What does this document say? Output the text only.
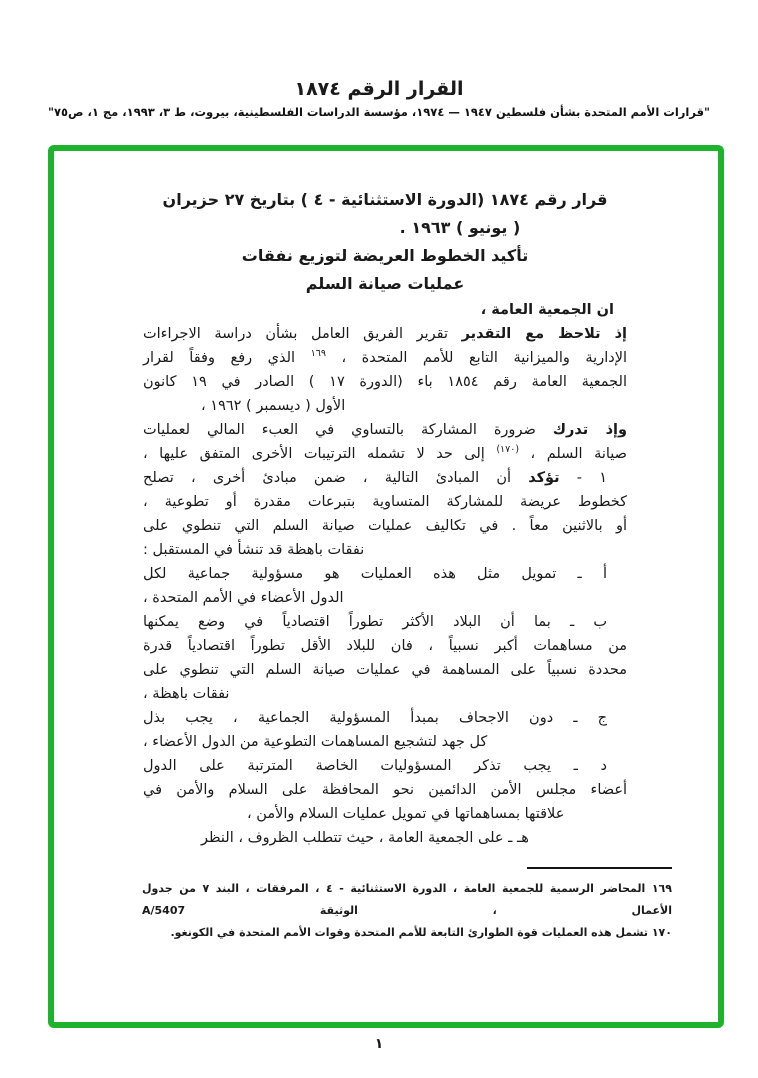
القرار الرقم ١٨٧٤
"قرارات الأمم المتحدة بشأن فلسطين ١٩٤٧ — ١٩٧٤، مؤسسة الدراسات الفلسطينية، بيروت، ط ٣، ١٩٩٣، مج ١، ص٧٥"
قرار رقم ١٨٧٤ (الدورة الاستثنائية - ٤ ) بتاريخ ٢٧ حزيران
( يونيو ) ١٩٦٣ .
تأكيد الخطوط العريضة لتوزيع نفقات
عمليات صيانة السلم
ان الجمعية العامة ،
إذ تلاحظ مع التقدير تقرير الفريق العامل بشأن دراسة الاجراءات
الإدارية والميزانية التابع للأمم المتحدة ، $^{١٦٩}$ الذي رفع وفقاً لقرار
الجمعية العامة رقم ١٨٥٤ باء (الدورة ١٧ ) الصادر في ١٩ كانون
الأول ( ديسمبر ) ١٩٦٢ ،
وإذ تدرك ضرورة المشاركة بالتساوي في العبء المالي لعمليات
صيانة السلم ، $^{(١٧٠)}$ إلى حد لا تشمله الترتيبات الأخرى المتفق عليها ،
١ - تؤكد أن المبادئ التالية ، ضمن مبادئ أخرى ، تصلح
كخطوط عريضة للمشاركة المتساوية بتبرعات مقدرة أو تطوعية ،
أو بالاثنين معاً . في تكاليف عمليات صيانة السلم التي تنطوي على
نفقات باهظة قد تنشأ في المستقبل :
أ ـ تمويل مثل هذه العمليات هو مسؤولية جماعية لكل
الدول الأعضاء في الأمم المتحدة ،
ب ـ بما أن البلاد الأكثر تطوراً اقتصادياً في وضع يمكنها
من مساهمات أكبر نسبياً ، فان للبلاد الأقل تطوراً اقتصادياً قدرة
محددة نسبياً على المساهمة في عمليات صيانة السلم التي تنطوي على
نفقات باهظة ،
ج ـ دون الاجحاف بمبدأ المسؤولية الجماعية ، يجب بذل
كل جهد لتشجيع المساهمات التطوعية من الدول الأعضاء ،
د ـ يجب تذكر المسؤوليات الخاصة المترتبة على الدول
أعضاء مجلس الأمن الدائمين نحو المحافظة على السلام والأمن في
علاقتها بمساهماتها في تمويل عمليات السلام والأمن ،
هـ ـ على الجمعية العامة ، حيث تتطلب الظروف ، النظر
١٦٩ المحاضر الرسمية للجمعية العامة ، الدورة الاستثنائية - ٤ ، المرفقات ، البند ٧ من جدول الأعمال ، الوثيقة A/5407
١٧٠ تشمل هذه العمليات قوة الطوارئ التابعة للأمم المتحدة وقوات الأمم المتحدة في الكونغو.
١
